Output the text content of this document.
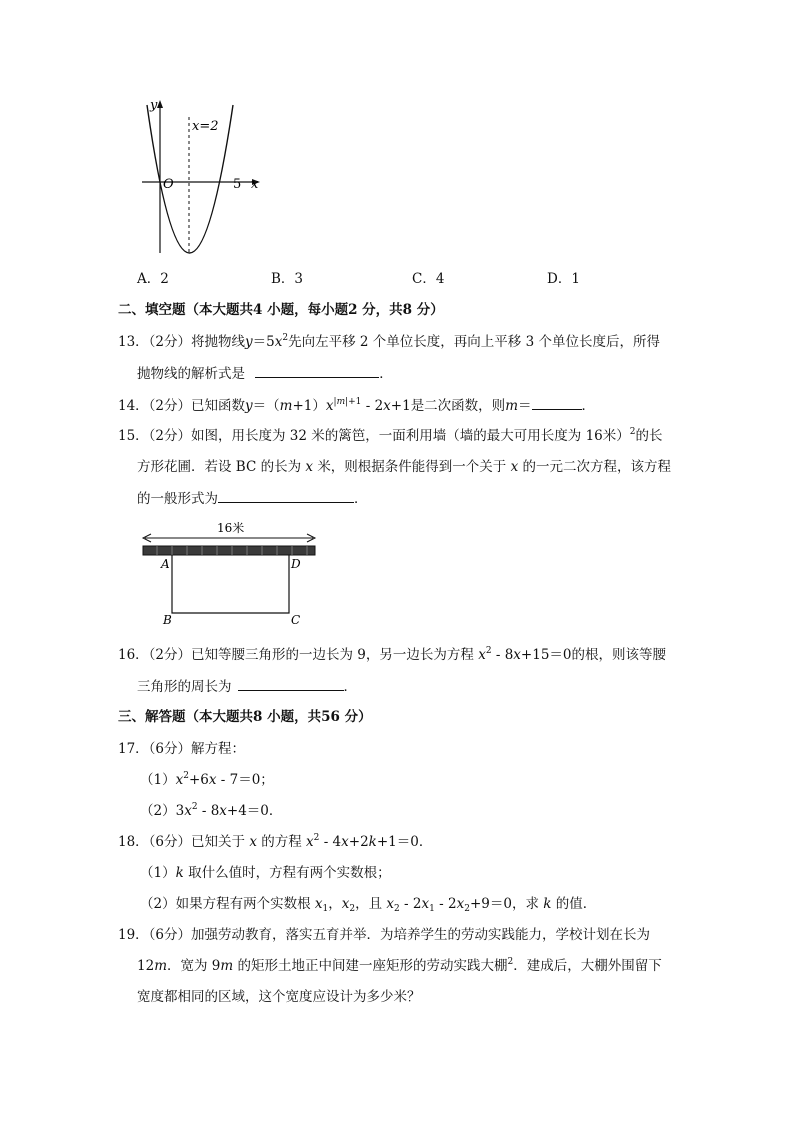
y
x
O
x=2
5
A．2	B．3	C．4	D．1
二、填空题（本大题共4 小题，每小题2 分，共8 分）
13．（2分）将抛物线$y=5x^2$先向左平移 2 个单位长度，再向上平移 3 个单位长度后，所得
抛物线的解析式是	．
14．（2分）已知函数$y=(m+1)x^{|m|+1} - 2x+1$是二次函数，则m＝	．
15．（2分）如图，用长度为 32 米的篱笆，一面利用墙（墙的最大可用长度为 16米）$^2$的长
方形花圃．若设 BC 的长为 x 米，则根据条件能得到一个关于 x 的一元二次方程，该方程
的一般形式为	．
16米
A	D
B	C
16．（2分）已知等腰三角形的一边长为 9，另一边长为方程 $x^2 - 8x+15=0$的根，则该等腰
三角形的周长为	．
三、解答题（本大题共8 小题，共56 分）
17．（6分）解方程：
$(1)x^2+6x - 7=0$；
$(2)3x^2 - 8x+4=0$．
18．（6分）已知关于 x 的方程 $x^2 - 4x+2k+1=0$．
（1）k 取什么值时，方程有两个实数根；
（2）如果方程有两个实数根 $x_1$，$x_2$，且 $x_2 - 2x_1 - 2x_2+9=0$，求 k 的值．
19．（6分）加强劳动教育，落实五育并举．为培养学生的劳动实践能力，学校计划在长为
12m．宽为 9m 的矩形土地正中间建一座矩形的劳动实践大棚$^2$．建成后，大棚外围留下
宽度都相同的区域，这个宽度应设计为多少米？
